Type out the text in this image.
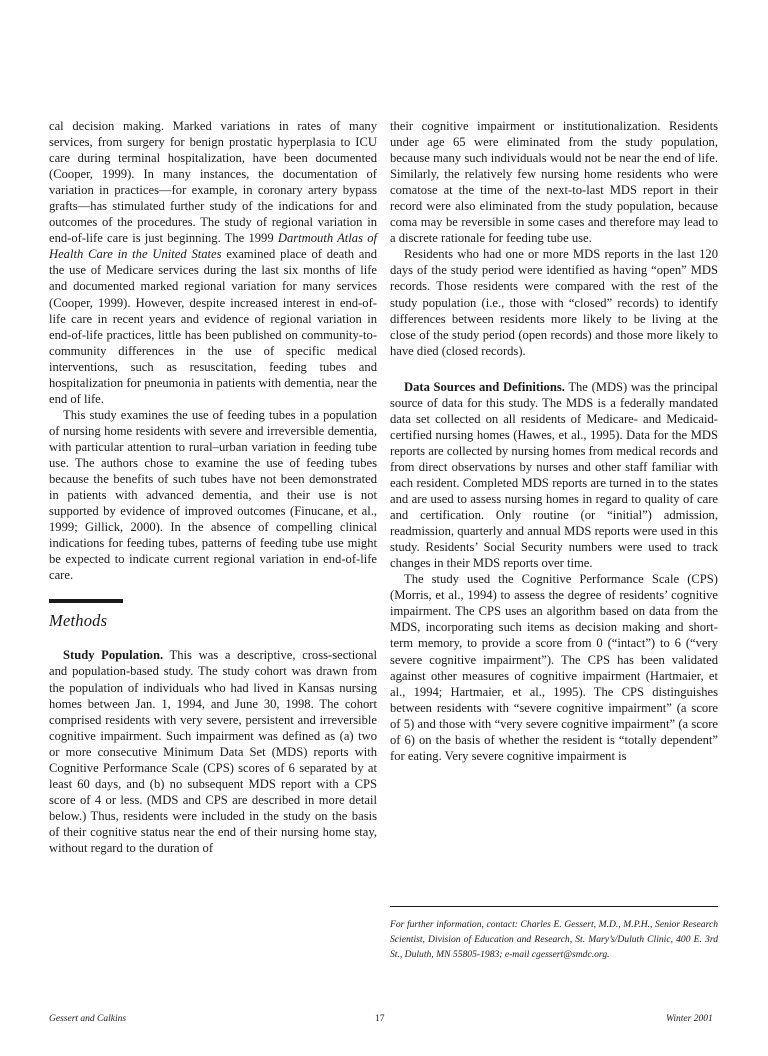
cal decision making. Marked variations in rates of many services, from surgery for benign prostatic hyperplasia to ICU care during terminal hospitalization, have been documented (Cooper, 1999). In many instances, the documentation of variation in practices—for example, in coronary artery bypass grafts—has stimulated further study of the indications for and outcomes of the procedures. The study of regional variation in end-of-life care is just beginning. The 1999 Dartmouth Atlas of Health Care in the United States examined place of death and the use of Medicare services during the last six months of life and documented marked regional variation for many services (Cooper, 1999). However, despite increased interest in end-of-life care in recent years and evidence of regional variation in end-of-life practices, little has been published on community-to-community differences in the use of specific medical interventions, such as resuscitation, feeding tubes and hospitalization for pneumonia in patients with dementia, near the end of life.

This study examines the use of feeding tubes in a population of nursing home residents with severe and irreversible dementia, with particular attention to rural–urban variation in feeding tube use. The authors chose to examine the use of feeding tubes because the benefits of such tubes have not been demonstrated in patients with advanced dementia, and their use is not supported by evidence of improved outcomes (Finucane, et al., 1999; Gillick, 2000). In the absence of compelling clinical indications for feeding tubes, patterns of feeding tube use might be expected to indicate current regional variation in end-of-life care.

Methods

Study Population. This was a descriptive, cross-sectional and population-based study. The study cohort was drawn from the population of individuals who had lived in Kansas nursing homes between Jan. 1, 1994, and June 30, 1998. The cohort comprised residents with very severe, persistent and irreversible cognitive impairment. Such impairment was defined as (a) two or more consecutive Minimum Data Set (MDS) reports with Cognitive Performance Scale (CPS) scores of 6 separated by at least 60 days, and (b) no subsequent MDS report with a CPS score of 4 or less. (MDS and CPS are described in more detail below.) Thus, residents were included in the study on the basis of their cognitive status near the end of their nursing home stay, without regard to the duration of

their cognitive impairment or institutionalization. Residents under age 65 were eliminated from the study population, because many such individuals would not be near the end of life. Similarly, the relatively few nursing home residents who were comatose at the time of the next-to-last MDS report in their record were also eliminated from the study population, because coma may be reversible in some cases and therefore may lead to a discrete rationale for feeding tube use.

Residents who had one or more MDS reports in the last 120 days of the study period were identified as having “open” MDS records. Those residents were compared with the rest of the study population (i.e., those with “closed” records) to identify differences between residents more likely to be living at the close of the study period (open records) and those more likely to have died (closed records).

Data Sources and Definitions. The (MDS) was the principal source of data for this study. The MDS is a federally mandated data set collected on all residents of Medicare- and Medicaid-certified nursing homes (Hawes, et al., 1995). Data for the MDS reports are collected by nursing homes from medical records and from direct observations by nurses and other staff familiar with each resident. Completed MDS reports are turned in to the states and are used to assess nursing homes in regard to quality of care and certification. Only routine (or “initial”) admission, readmission, quarterly and annual MDS reports were used in this study. Residents’ Social Security numbers were used to track changes in their MDS reports over time.

The study used the Cognitive Performance Scale (CPS) (Morris, et al., 1994) to assess the degree of residents’ cognitive impairment. The CPS uses an algorithm based on data from the MDS, incorporating such items as decision making and short-term memory, to provide a score from 0 (“intact”) to 6 (“very severe cognitive impairment”). The CPS has been validated against other measures of cognitive impairment (Hartmaier, et al., 1994; Hartmaier, et al., 1995). The CPS distinguishes between residents with “severe cognitive impairment” (a score of 5) and those with “very severe cognitive impairment” (a score of 6) on the basis of whether the resident is “totally dependent” for eating. Very severe cognitive impairment is

For further information, contact: Charles E. Gessert, M.D., M.P.H., Senior Research Scientist, Division of Education and Research, St. Mary’s/Duluth Clinic, 400 E. 3rd St., Duluth, MN 55805-1983; e-mail cgessert@smdc.org.
Gessert and Calkins	17	Winter 2001
